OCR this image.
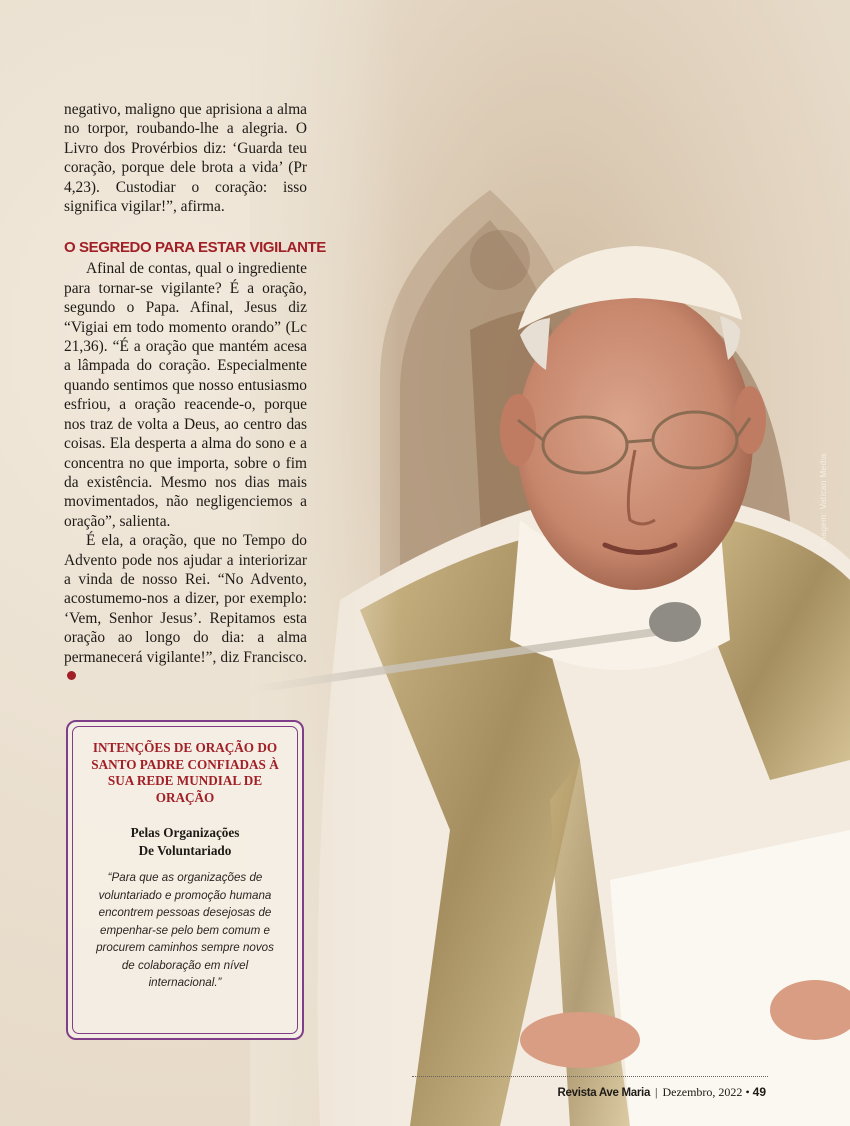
Imagem: Vatican Media

negativo, maligno que aprisiona a alma no torpor, roubando-lhe a alegria. O Livro dos Provérbios diz: ‘Guarda teu coração, porque dele brota a vida’ (Pr 4,23). Custodiar o coração: isso significa vigilar!”, afirma.

O SEGREDO PARA ESTAR VIGILANTE

Afinal de contas, qual o ingrediente para tornar-se vigilante? É a oração, segundo o Papa. Afinal, Jesus diz “Vigiai em todo momento orando” (Lc 21,36). “É a oração que mantém acesa a lâmpada do coração. Especialmente quando sentimos que nosso entusiasmo esfriou, a oração reacende-o, porque nos traz de volta a Deus, ao centro das coisas. Ela desperta a alma do sono e a concentra no que importa, sobre o fim da existência. Mesmo nos dias mais movimentados, não negligenciemos a oração”, salienta.

É ela, a oração, que no Tempo do Advento pode nos ajudar a interiorizar a vinda de nosso Rei. “No Advento, acostumemo-nos a dizer, por exemplo: ‘Vem, Senhor Jesus’. Repitamos esta oração ao longo do dia: a alma permanecerá vigilante!”, diz Francisco.

INTENÇÕES DE ORAÇÃO DO SANTO PADRE CONFIADAS À SUA REDE MUNDIAL DE ORAÇÃO
Pelas Organizações
De Voluntariado
“Para que as organizações de voluntariado e promoção humana encontrem pessoas desejosas de empenhar-se pelo bem comum e procurem caminhos sempre novos de colaboração em nível internacional.”
Revista Ave Maria | Dezembro, 2022 • 49
